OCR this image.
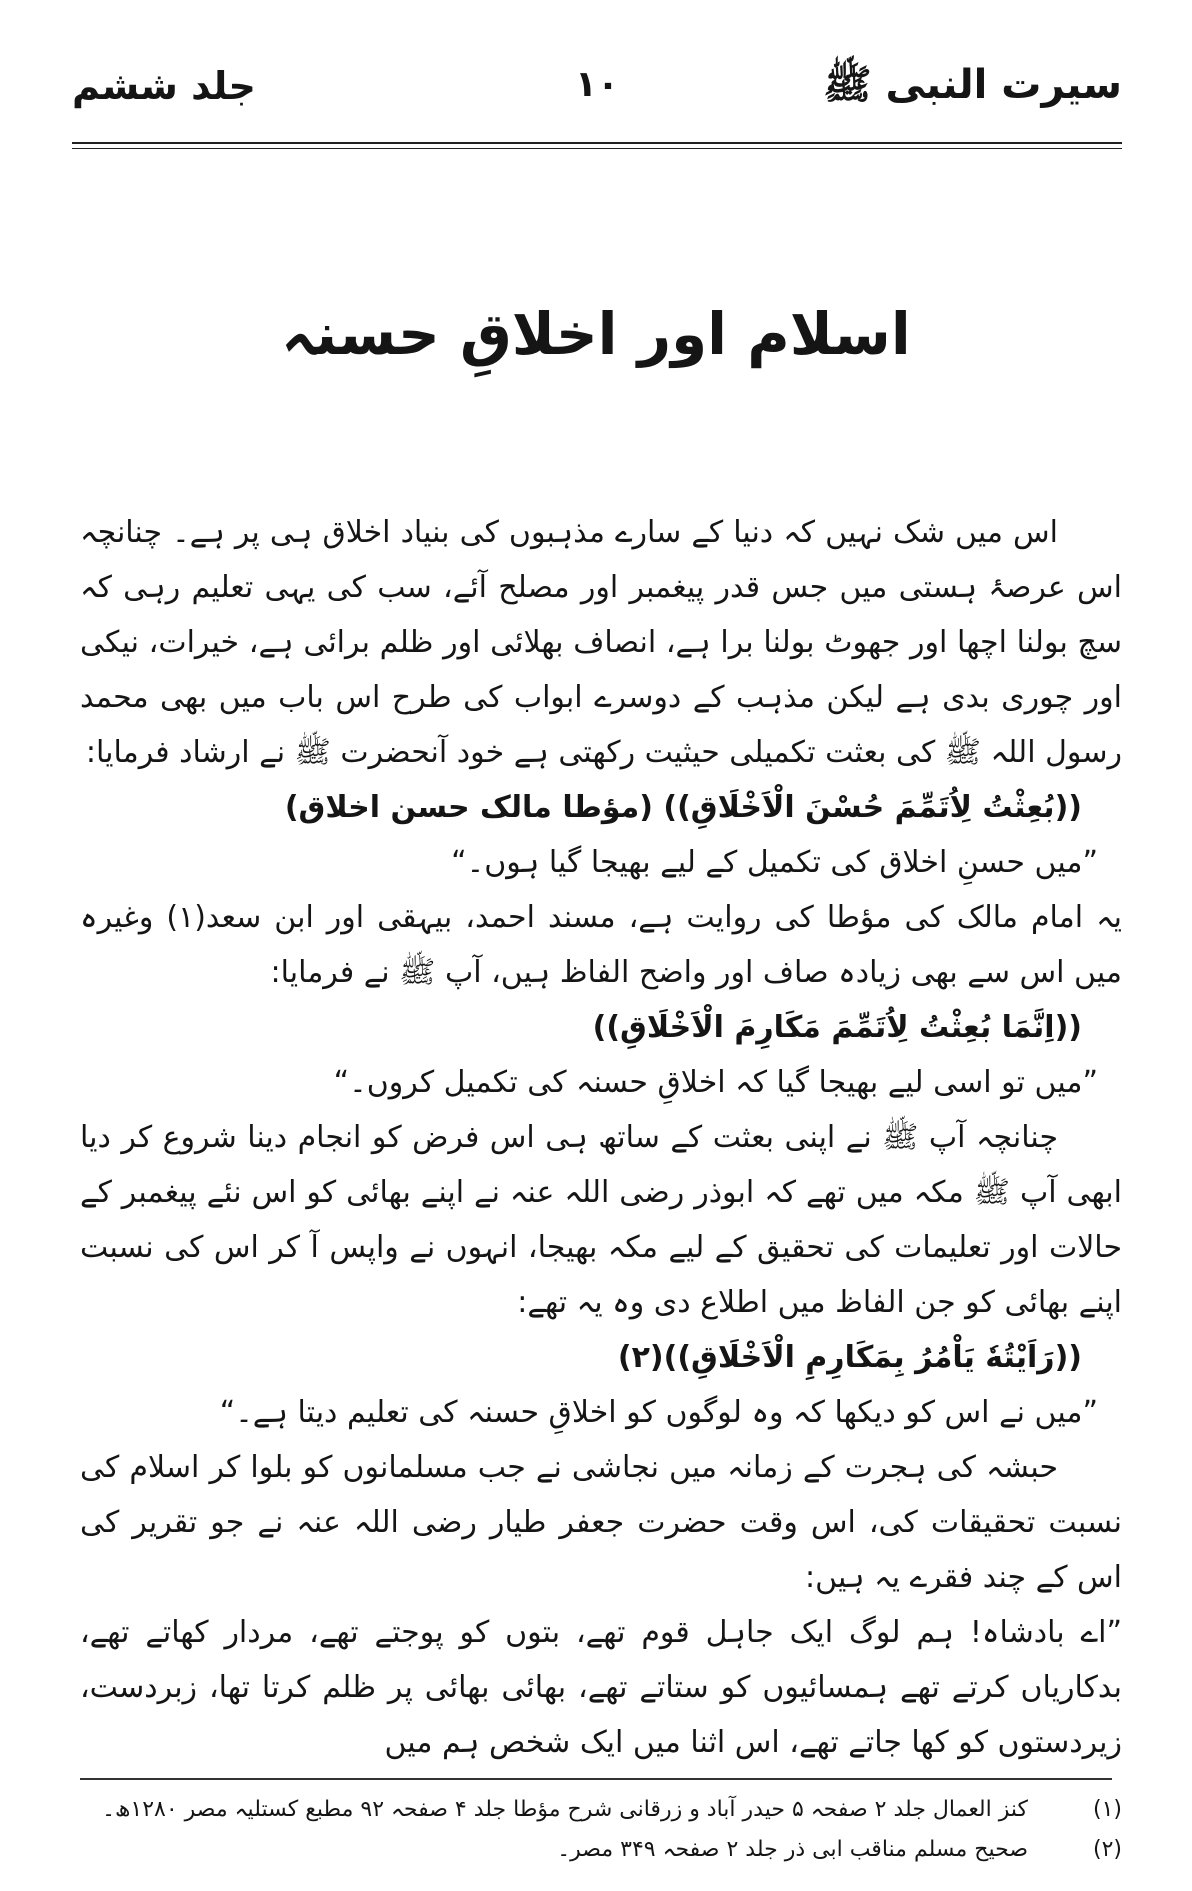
سیرت النبی ﷺ
۱۰
جلد ششم
اسلام اور اخلاقِ حسنہ

اس میں شک نہیں کہ دنیا کے سارے مذہبوں کی بنیاد اخلاق ہی پر ہے۔ چنانچہ اس عرصۂ ہستی میں جس قدر پیغمبر اور مصلح آئے، سب کی یہی تعلیم رہی کہ سچ بولنا اچھا اور جھوٹ بولنا برا ہے، انصاف بھلائی اور ظلم برائی ہے، خیرات، نیکی اور چوری بدی ہے لیکن مذہب کے دوسرے ابواب کی طرح اس باب میں بھی محمد رسول اللہ ﷺ کی بعثت تکمیلی حیثیت رکھتی ہے خود آنحضرت ﷺ نے ارشاد فرمایا:

((بُعِثْتُ لِاُتَمِّمَ حُسْنَ الْاَخْلَاقِ)) (مؤطا مالک حسن اخلاق)

”میں حسنِ اخلاق کی تکمیل کے لیے بھیجا گیا ہوں۔“

یہ امام مالک کی مؤطا کی روایت ہے، مسند احمد، بیہقی اور ابن سعد(۱) وغیرہ میں اس سے بھی زیادہ صاف اور واضح الفاظ ہیں، آپ ﷺ نے فرمایا:

((اِنَّمَا بُعِثْتُ لِاُتَمِّمَ مَكَارِمَ الْاَخْلَاقِ))

”میں تو اسی لیے بھیجا گیا کہ اخلاقِ حسنہ کی تکمیل کروں۔“

چنانچہ آپ ﷺ نے اپنی بعثت کے ساتھ ہی اس فرض کو انجام دینا شروع کر دیا ابھی آپ ﷺ مکہ میں تھے کہ ابوذر رضی اللہ عنہ نے اپنے بھائی کو اس نئے پیغمبر کے حالات اور تعلیمات کی تحقیق کے لیے مکہ بھیجا، انہوں نے واپس آ کر اس کی نسبت اپنے بھائی کو جن الفاظ میں اطلاع دی وہ یہ تھے:

((رَاَیْتُهٗ یَاْمُرُ بِمَكَارِمِ الْاَخْلَاقِ))(۲)

”میں نے اس کو دیکھا کہ وہ لوگوں کو اخلاقِ حسنہ کی تعلیم دیتا ہے۔“

حبشہ کی ہجرت کے زمانہ میں نجاشی نے جب مسلمانوں کو بلوا کر اسلام کی نسبت تحقیقات کی، اس وقت حضرت جعفر طیار رضی اللہ عنہ نے جو تقریر کی اس کے چند فقرے یہ ہیں:

”اے بادشاہ! ہم لوگ ایک جاہل قوم تھے، بتوں کو پوجتے تھے، مردار کھاتے تھے، بدکاریاں کرتے تھے ہمسائیوں کو ستاتے تھے، بھائی بھائی پر ظلم کرتا تھا، زبردست، زیردستوں کو کھا جاتے تھے، اس اثنا میں ایک شخص ہم میں

(۱)
کنز العمال جلد ۲ صفحہ ۵ حیدر آباد و زرقانی شرح مؤطا جلد ۴ صفحہ ۹۲ مطبع کستلیہ مصر ۱۲۸۰ھ۔
(۲)
صحیح مسلم مناقب ابی ذر جلد ۲ صفحہ ۳۴۹ مصر۔
